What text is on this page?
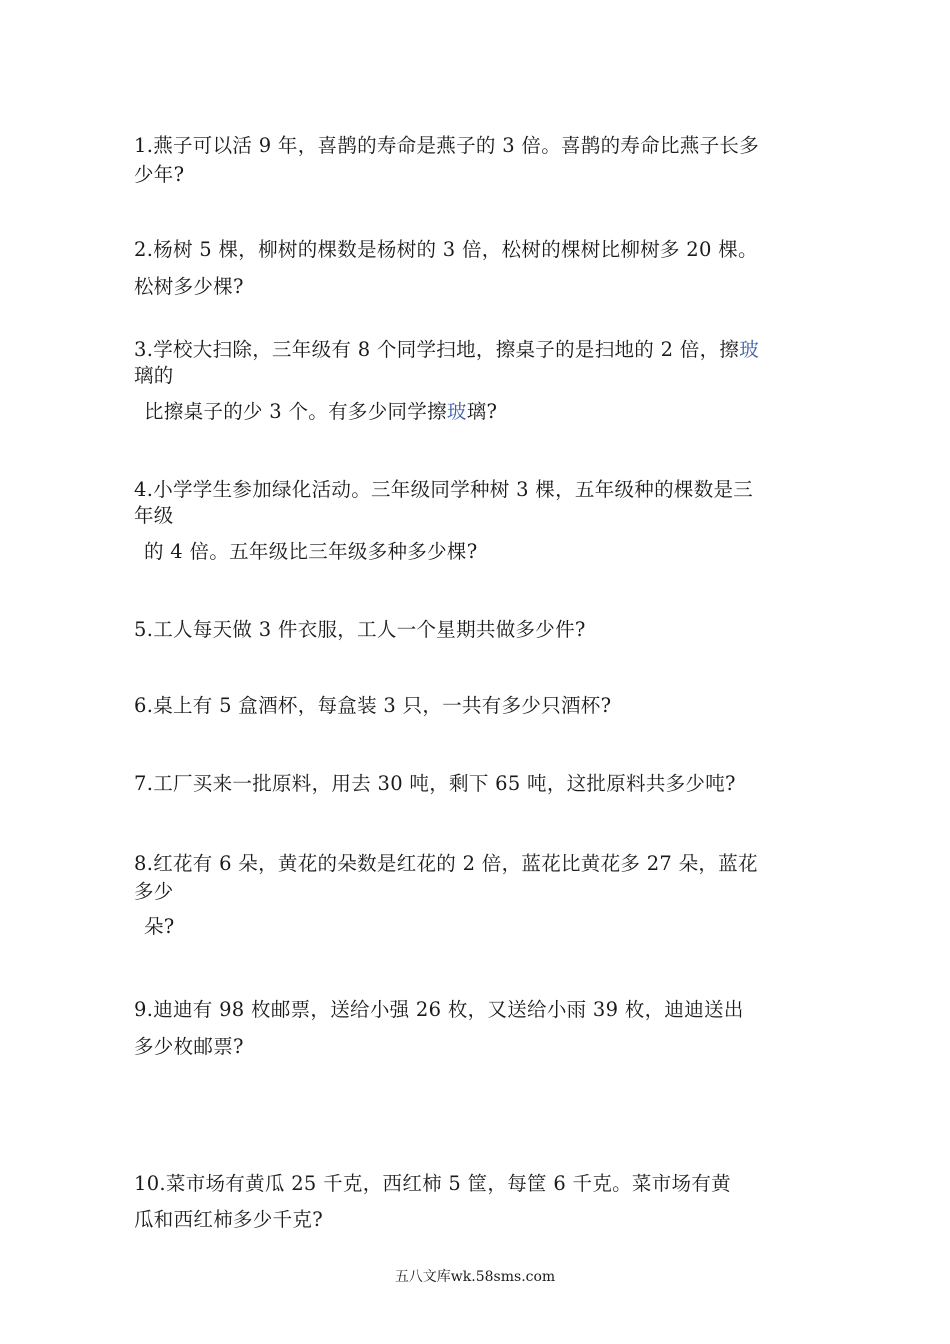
1.燕子可以活 9 年，喜鹊的寿命是燕子的 3 倍。喜鹊的寿命比燕子长多
少年?
2.杨树 5 棵，柳树的棵数是杨树的 3 倍，松树的棵树比柳树多 20 棵。
松树多少棵?
3.学校大扫除，三年级有 8 个同学扫地，擦桌子的是扫地的 2 倍，擦玻
璃的
比擦桌子的少 3 个。有多少同学擦玻璃?
4.小学学生参加绿化活动。三年级同学种树 3 棵，五年级种的棵数是三
年级
的 4 倍。五年级比三年级多种多少棵?
5.工人每天做 3 件衣服，工人一个星期共做多少件?
6.桌上有 5 盒酒杯，每盒装 3 只，一共有多少只酒杯?
7.工厂买来一批原料，用去 30 吨，剩下 65 吨，这批原料共多少吨?
8.红花有 6 朵，黄花的朵数是红花的 2 倍，蓝花比黄花多 27 朵，蓝花
多少
朵?
9.迪迪有 98 枚邮票，送给小强 26 枚，又送给小雨 39 枚，迪迪送出
多少枚邮票?
10.菜市场有黄瓜 25 千克，西红柿 5 筐，每筐 6 千克。菜市场有黄
瓜和西红柿多少千克?
五八文库wk.58sms.com
